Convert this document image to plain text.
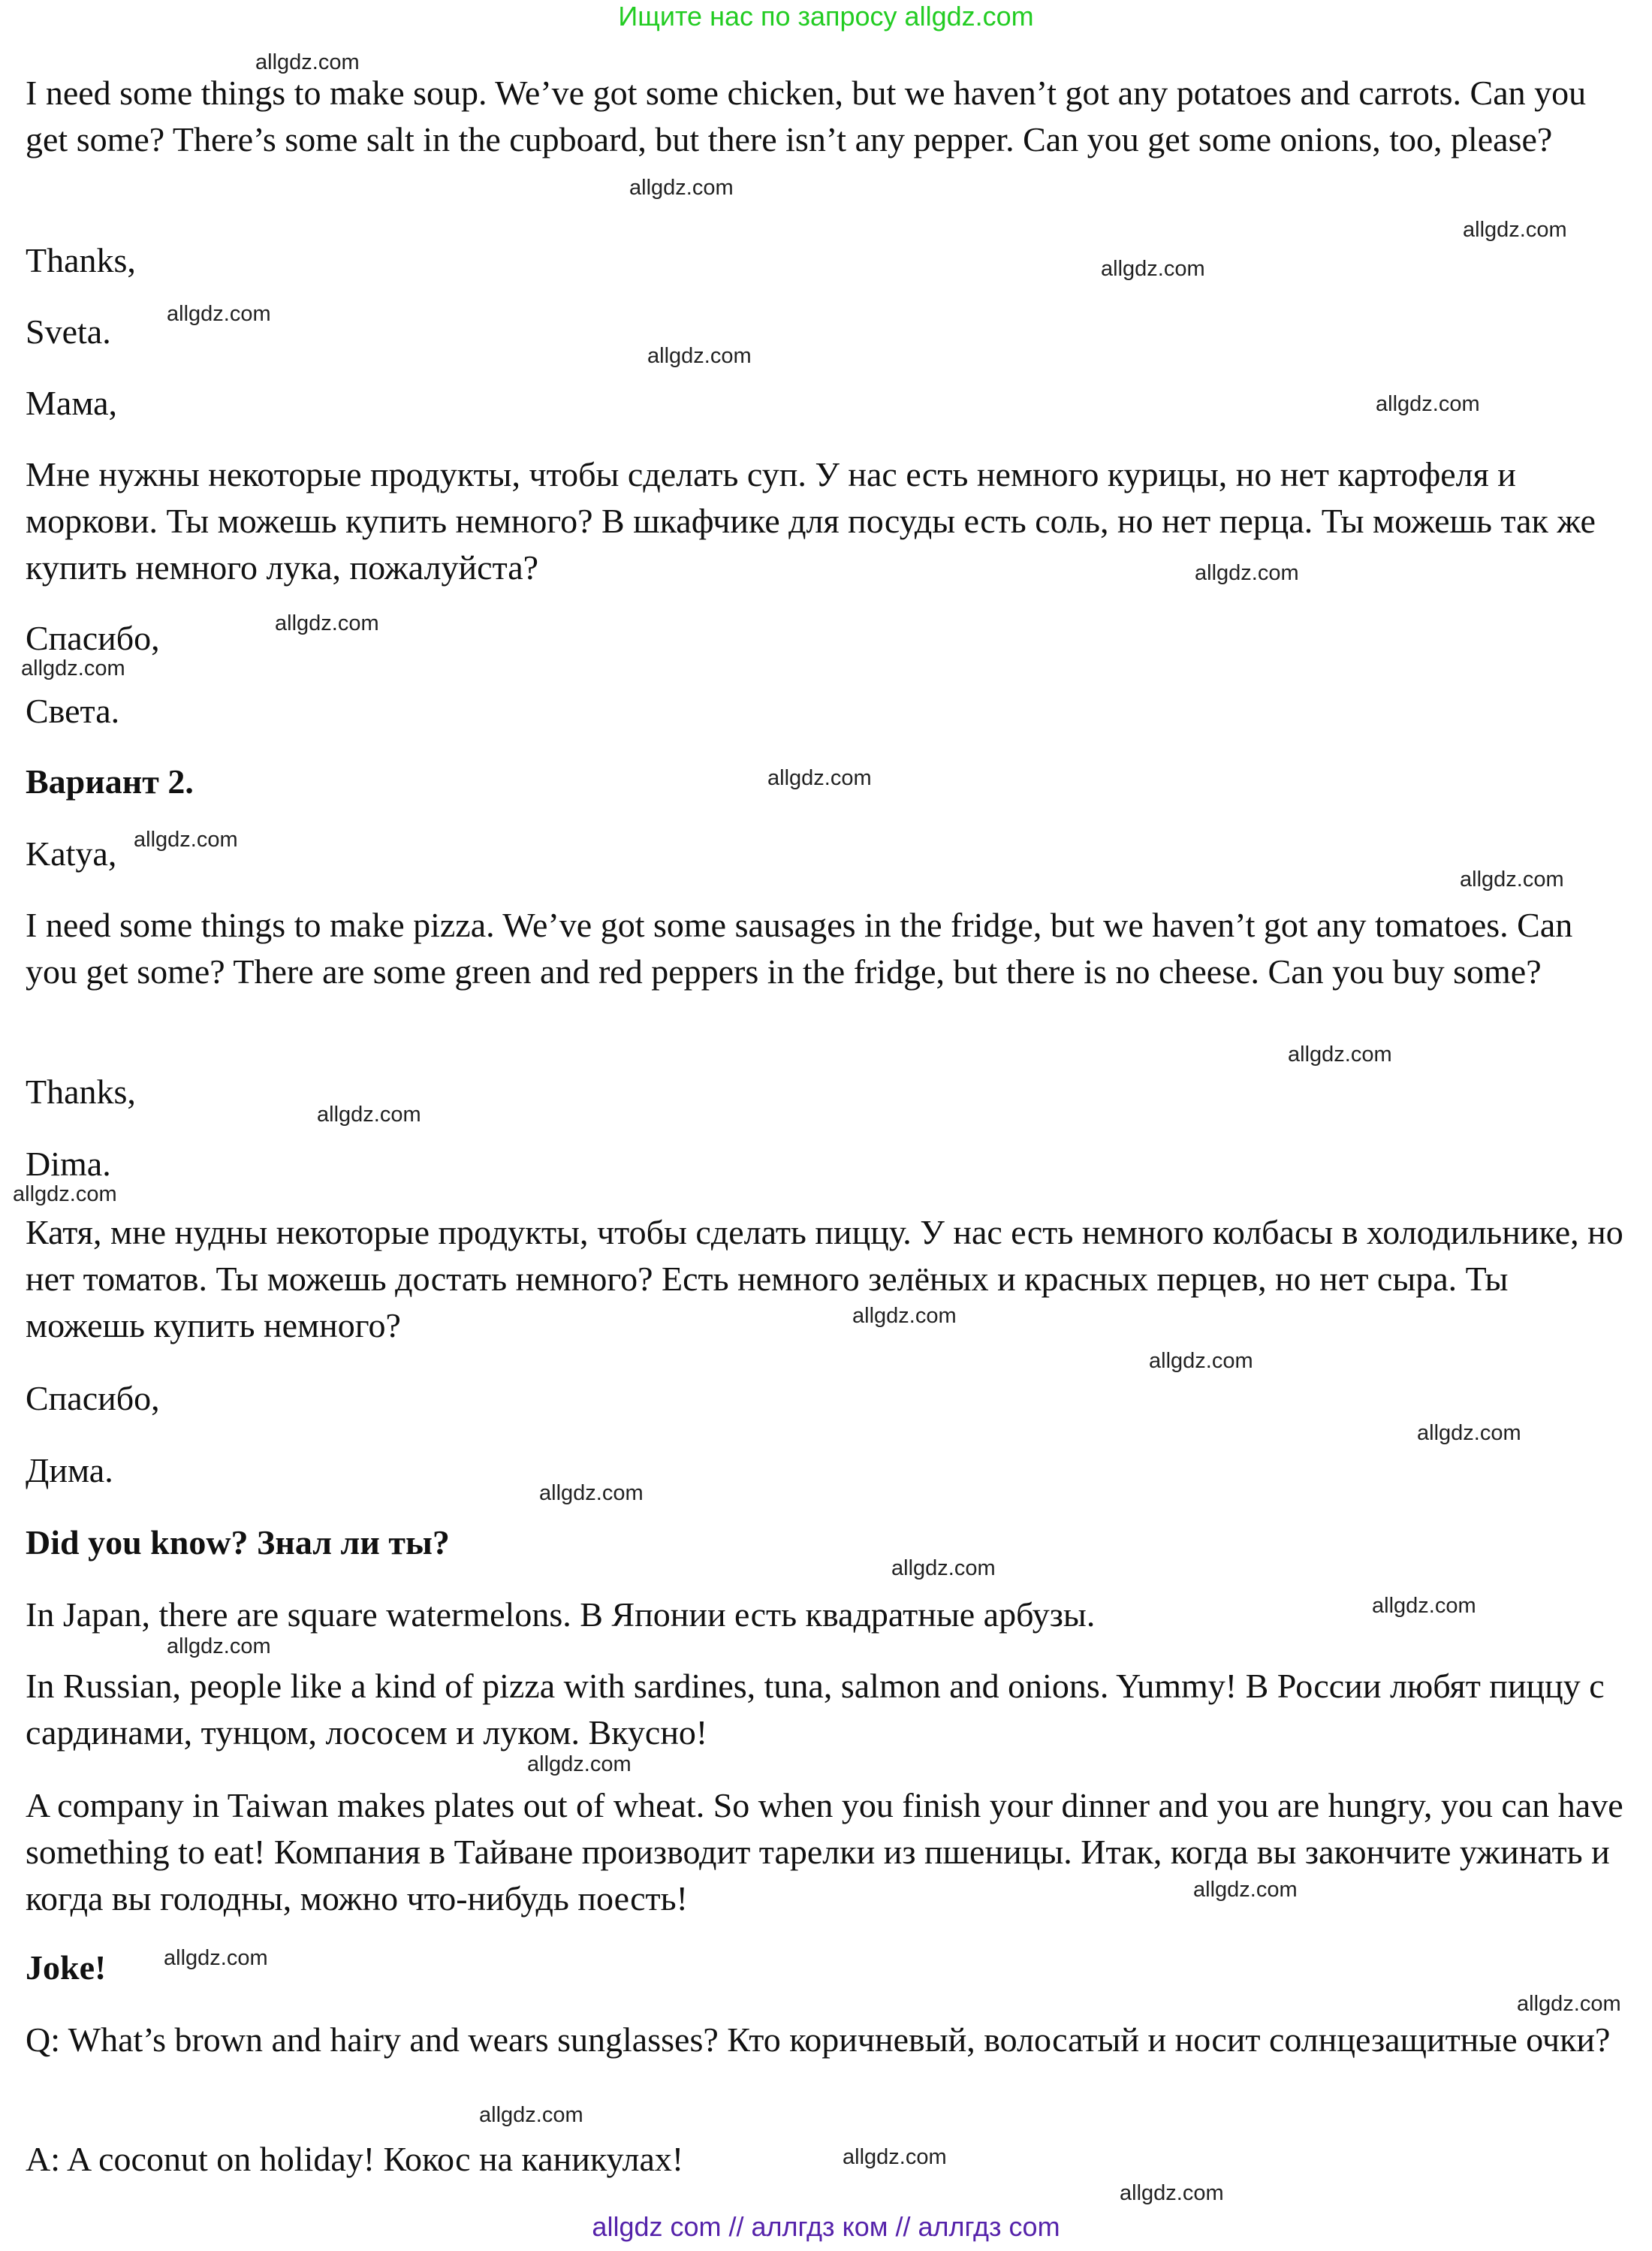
Ищите нас по запросу allgdz.com

I need some things to make soup. We’ve got some chicken, but we haven’t got any potatoes and carrots. Can you get some? There’s some salt in the cupboard, but there isn’t any pepper. Can you get some onions, too, please?

Thanks,

Sveta.

Мама,

Мне нужны некоторые продукты, чтобы сделать суп. У нас есть немного курицы, но нет картофеля и моркови. Ты можешь купить немного? В шкафчике для посуды есть соль, но нет перца. Ты можешь так же купить немного лука, пожалуйста?

Спасибо,

Света.

Вариант 2.

Katya,

I need some things to make pizza. We’ve got some sausages in the fridge, but we haven’t got any tomatoes. Can you get some? There are some green and red peppers in the fridge, but there is no cheese. Can you buy some?

Thanks,

Dima.

Катя, мне нудны некоторые продукты, чтобы сделать пиццу. У нас есть немного колбасы в холодильнике, но нет томатов. Ты можешь достать немного? Есть немного зелёных и красных перцев, но нет сыра. Ты можешь купить немного?

Спасибо,

Дима.

Did you know? Знал ли ты?

In Japan, there are square watermelons. В Японии есть квадратные арбузы.

In Russian, people like a kind of pizza with sardines, tuna, salmon and onions. Yummy! В России любят пиццу с сардинами, тунцом, лососем и луком. Вкусно!

A company in Taiwan makes plates out of wheat. So when you finish your dinner and you are hungry, you can have something to eat! Компания в Тайване производит тарелки из пшеницы. Итак, когда вы закончите ужинать и когда вы голодны, можно что-нибудь поесть!

Joke!

Q: What’s brown and hairy and wears sunglasses? Кто коричневый, волосатый и носит солнцезащитные очки?

A: A coconut on holiday! Кокос на каникулах!

allgdz.com
allgdz.com
allgdz.com
allgdz.com
allgdz.com
allgdz.com
allgdz.com
allgdz.com
allgdz.com
allgdz.com
allgdz.com
allgdz.com
allgdz.com
allgdz.com
allgdz.com
allgdz.com
allgdz.com
allgdz.com
allgdz.com
allgdz.com
allgdz.com
allgdz.com
allgdz.com
allgdz.com
allgdz.com
allgdz.com
allgdz.com
allgdz.com
allgdz.com
allgdz.com
allgdz com // аллгдз ком // аллгдз com
